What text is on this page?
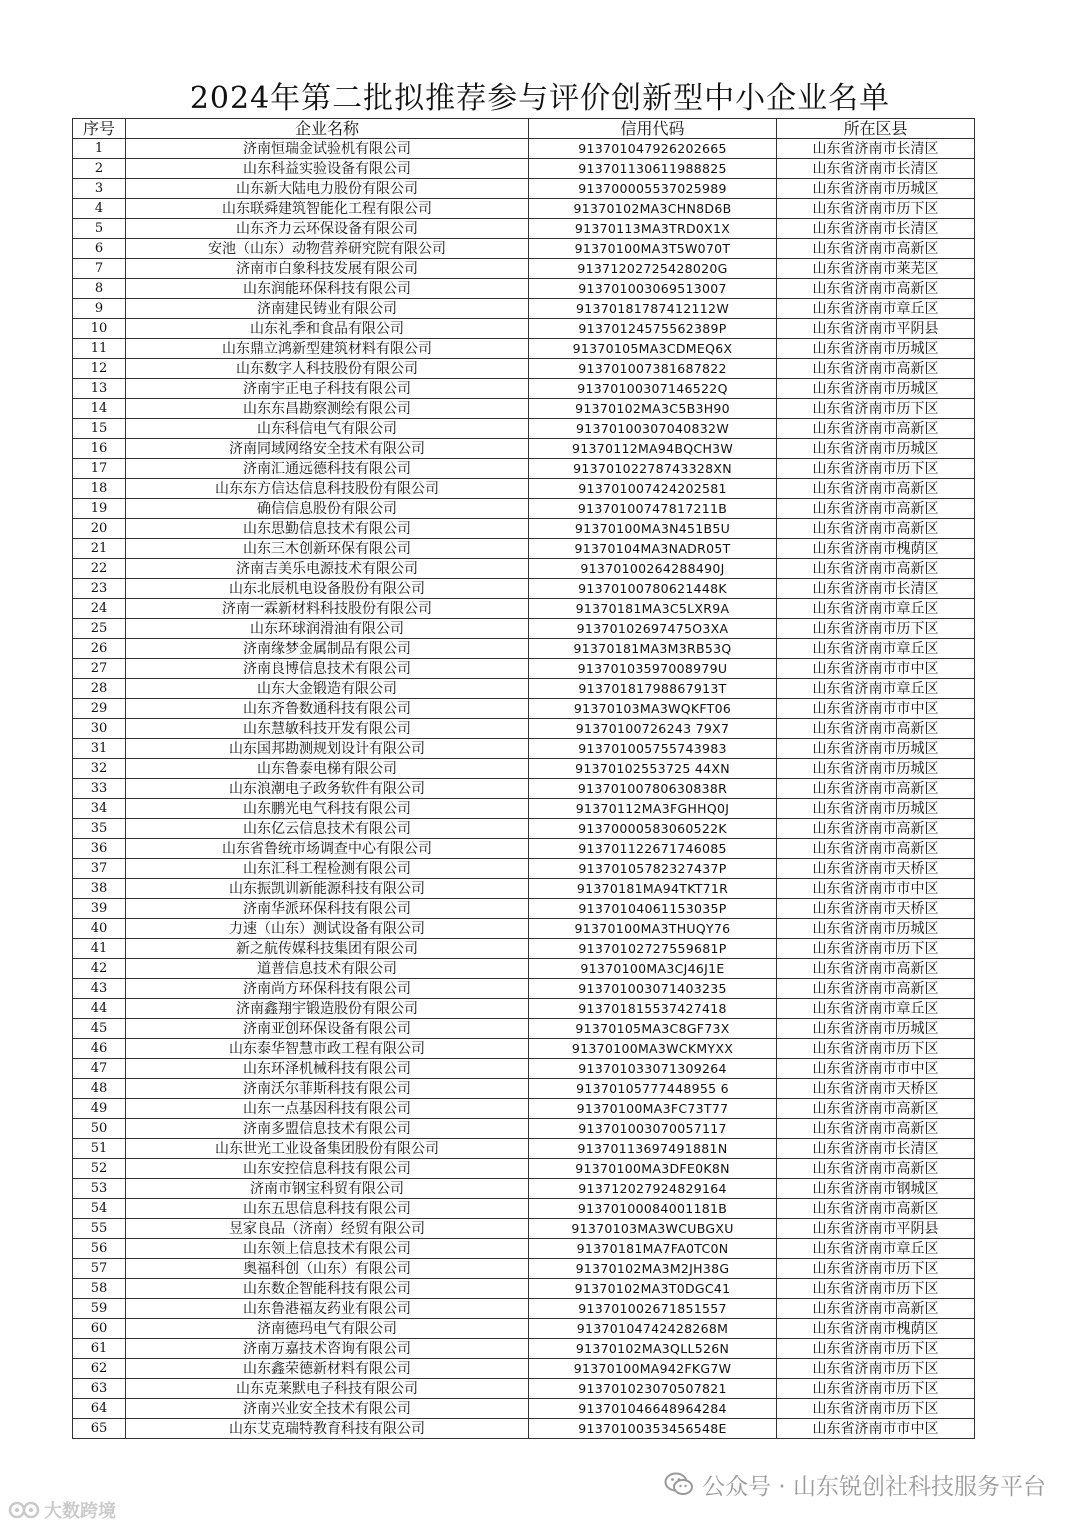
2024年第二批拟推荐参与评价创新型中小企业名单
序号	企业名称	信用代码	所在区县
1	济南恒瑞金试验机有限公司	913701047926202665	山东省济南市长清区
2	山东科益实验设备有限公司	913701130611988825	山东省济南市长清区
3	山东新大陆电力股份有限公司	913700005537025989	山东省济南市历城区
4	山东联舜建筑智能化工程有限公司	91370102MA3CHN8D6B	山东省济南市历下区
5	山东齐力云环保设备有限公司	91370113MA3TRD0X1X	山东省济南市长清区
6	安池（山东）动物营养研究院有限公司	91370100MA3T5W070T	山东省济南市高新区
7	济南市白象科技发展有限公司	91371202725428020G	山东省济南市莱芜区
8	山东润能环保科技有限公司	913701003069513007	山东省济南市高新区
9	济南建民铸业有限公司	91370181787412112W	山东省济南市章丘区
10	山东礼季和食品有限公司	91370124575562389P	山东省济南市平阴县
11	山东鼎立鸿新型建筑材料有限公司	91370105MA3CDMEQ6X	山东省济南市历城区
12	山东数字人科技股份有限公司	913701007381687822	山东省济南市高新区
13	济南宇正电子科技有限公司	91370100307146522Q	山东省济南市历城区
14	山东东昌勘察测绘有限公司	91370102MA3C5B3H90	山东省济南市历下区
15	山东科信电气有限公司	91370100307040832W	山东省济南市高新区
16	济南同域网络安全技术有限公司	91370112MA94BQCH3W	山东省济南市历城区
17	济南汇通远德科技有限公司	91370102278743328XN	山东省济南市历下区
18	山东东方信达信息科技股份有限公司	913701007424202581	山东省济南市高新区
19	确信信息股份有限公司	91370100747817211B	山东省济南市高新区
20	山东思勤信息技术有限公司	91370100MA3N451B5U	山东省济南市高新区
21	山东三木创新环保有限公司	91370104MA3NADR05T	山东省济南市槐荫区
22	济南吉美乐电源技术有限公司	91370100264288490J	山东省济南市高新区
23	山东北辰机电设备股份有限公司	91370100780621448K	山东省济南市长清区
24	济南一霖新材料科技股份有限公司	91370181MA3C5LXR9A	山东省济南市章丘区
25	山东环球润滑油有限公司	91370102697475O3XA	山东省济南市历下区
26	济南缘梦金属制品有限公司	91370181MA3M3RB53Q	山东省济南市章丘区
27	济南良博信息技术有限公司	91370103597008979U	山东省济南市市中区
28	山东大金锻造有限公司	91370181798867913T	山东省济南市章丘区
29	山东齐鲁数通科技有限公司	91370103MA3WQKFT06	山东省济南市市中区
30	山东慧敏科技开发有限公司	91370100726243 79X7	山东省济南市高新区
31	山东国邦勘测规划设计有限公司	913701005755743983	山东省济南市历城区
32	山东鲁泰电梯有限公司	91370102553725 44XN	山东省济南市历城区
33	山东浪潮电子政务软件有限公司	91370100780630838R	山东省济南市高新区
34	山东鹏光电气科技有限公司	91370112MA3FGHHQ0J	山东省济南市历城区
35	山东亿云信息技术有限公司	91370000583060522K	山东省济南市高新区
36	山东省鲁统市场调查中心有限公司	913701122671746085	山东省济南市高新区
37	山东汇科工程检测有限公司	91370105782327437P	山东省济南市天桥区
38	山东振凯训新能源科技有限公司	91370181MA94TKT71R	山东省济南市市中区
39	济南华派环保科技有限公司	91370104061153035P	山东省济南市天桥区
40	力速（山东）测试设备有限公司	91370100MA3THUQY76	山东省济南市历城区
41	新之航传媒科技集团有限公司	91370102727559681P	山东省济南市历下区
42	道普信息技术有限公司	91370100MA3CJ46J1E	山东省济南市高新区
43	济南尚方环保科技有限公司	913701003071403235	山东省济南市高新区
44	济南鑫翔宇锻造股份有限公司	913701815537427418	山东省济南市章丘区
45	济南亚创环保设备有限公司	91370105MA3C8GF73X	山东省济南市历城区
46	山东泰华智慧市政工程有限公司	91370100MA3WCKMYXX	山东省济南市历下区
47	山东环泽机械科技有限公司	913701033071309264	山东省济南市市中区
48	济南沃尔菲斯科技有限公司	91370105777448955 6	山东省济南市天桥区
49	山东一点基因科技有限公司	91370100MA3FC73T77	山东省济南市高新区
50	济南多盟信息技术有限公司	913701003070057117	山东省济南市高新区
51	山东世光工业设备集团股份有限公司	91370113697491881N	山东省济南市长清区
52	山东安控信息科技有限公司	91370100MA3DFE0K8N	山东省济南市高新区
53	济南市钢宝科贸有限公司	913712027924829164	山东省济南市钢城区
54	山东五思信息科技有限公司	91370100084001181B	山东省济南市高新区
55	昱家良品（济南）经贸有限公司	91370103MA3WCUBGXU	山东省济南市平阴县
56	山东领上信息技术有限公司	91370181MA7FA0TC0N	山东省济南市章丘区
57	奥福科创（山东）有限公司	91370102MA3M2JH38G	山东省济南市历下区
58	山东数企智能科技有限公司	91370102MA3T0DGC41	山东省济南市历下区
59	山东鲁港福友药业有限公司	913701002671851557	山东省济南市高新区
60	济南德玛电气有限公司	91370104742428268M	山东省济南市槐荫区
61	济南万嘉技术咨询有限公司	91370102MA3QLL526N	山东省济南市历下区
62	山东鑫荣德新材料有限公司	91370100MA942FKG7W	山东省济南市历下区
63	山东克莱默电子科技有限公司	913701023070507821	山东省济南市历下区
64	济南兴业安全技术有限公司	913701046648964284	山东省济南市历下区
65	山东艾克瑞特教育科技有限公司	91370100353456548E	山东省济南市市中区
公众号 · 山东锐创社科技服务平台
大数跨境
